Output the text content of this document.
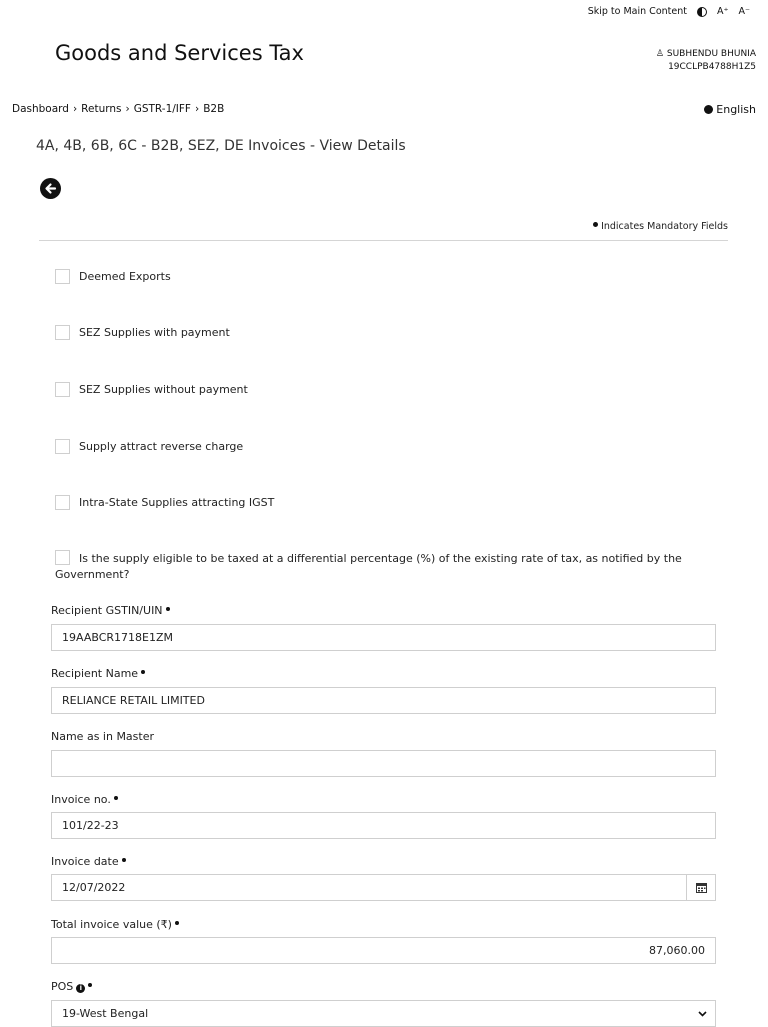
Skip to Main Content	A⁺ A⁻
Goods and Services Tax	♙ SUBHENDU BHUNIA
19CCLPB4788H1Z5
Dashboard › Returns › GSTR-1/IFF › B2B	English
4A, 4B, 6B, 6C - B2B, SEZ, DE Invoices - View Details
Indicates Mandatory Fields
Deemed Exports
SEZ Supplies with payment
SEZ Supplies without payment
Supply attract reverse charge
Intra-State Supplies attracting IGST
Is the supply eligible to be taxed at a differential percentage (%) of the existing rate of tax, as notified by the Government?
Recipient GSTIN/UIN
19AABCR1718E1ZM
Recipient Name
RELIANCE RETAIL LIMITED
Name as in Master
Invoice no.
101/22-23
Invoice date
12/07/2022
Total invoice value (₹)
87,060.00
POS i
19-West Bengal
